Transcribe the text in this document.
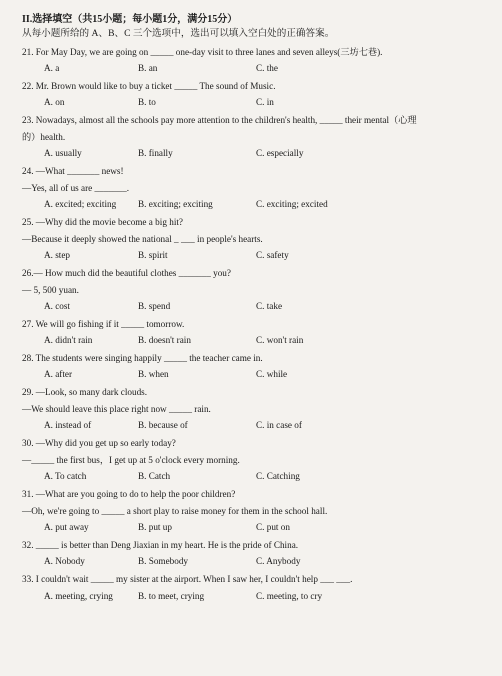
II.选择填空（共15小题；每小题1分，满分15分）
从每小题所给的 A、B、C 三个选项中，选出可以填入空白处的正确答案。

21. For May Day, we are going on _____ one-day visit to three lanes and seven alleys(三坊七巷).

A. a	B. an	C. the

22. Mr. Brown would like to buy a ticket _____ The sound of Music.

A. on	B. to	C. in

23. Nowadays, almost all the schools pay more attention to the children's health, _____ their mental（心理

的）health.

A. usually	B. finally	C. especially

24. —What _______ news!

—Yes, all of us are _______.

A. excited; exciting	B. exciting; exciting	C. exciting; excited

25. —Why did the movie become a big hit?

—Because it deeply showed the national _ ___ in people's hearts.

A. step	B. spirit	C. safety

26.— How much did the beautiful clothes _______ you?

— 5, 500 yuan.

A. cost	B. spend	C. take

27. We will go fishing if it _____ tomorrow.

A. didn't rain	B. doesn't rain	C. won't rain

28. The students were singing happily _____ the teacher came in.

A. after	B. when	C. while

29. —Look, so many dark clouds.

—We should leave this place right now _____ rain.

A. instead of	B. because of	C. in case of

30. —Why did you get up so early today?

—_____ the first bus，I get up at 5 o'clock every morning.

A. To catch	B. Catch	C. Catching

31. —What are you going to do to help the poor children?

—Oh, we're going to _____ a short play to raise money for them in the school hall.

A. put away	B. put up	C. put on

32. _____ is better than Deng Jiaxian in my heart. He is the pride of China.

A. Nobody	B. Somebody	C. Anybody

33. I couldn't wait _____ my sister at the airport. When I saw her, I couldn't help ___ ___.

A. meeting, crying	B. to meet, crying	C. meeting, to cry
